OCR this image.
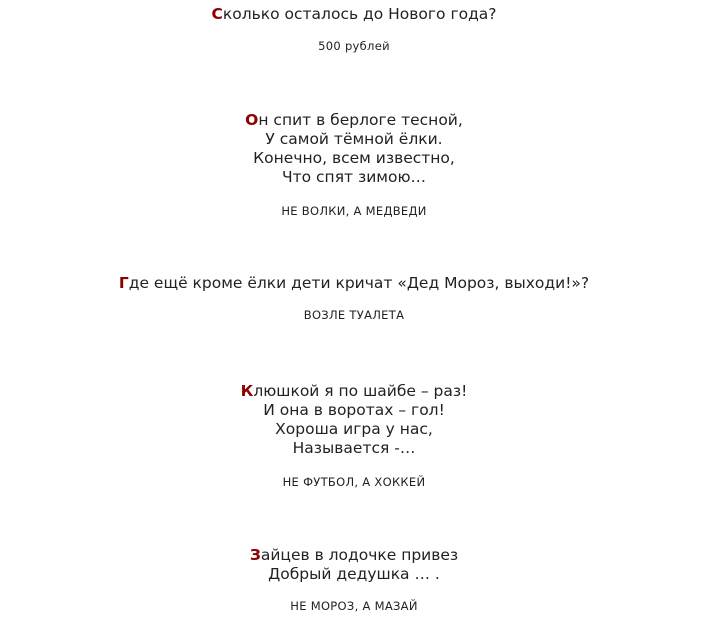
Сколько осталось до Нового года?

500 рублей

Он спит в берлоге тесной,
У самой тёмной ёлки.
Конечно, всем известно,
Что спят зимою…

НЕ ВОЛКИ, А МЕДВЕДИ

Где ещё кроме ёлки дети кричат «Дед Мороз, выходи!»?

ВОЗЛЕ ТУАЛЕТА

Клюшкой я по шайбе – раз!
И она в воротах – гол!
Хороша игра у нас,
Называется -…

НЕ ФУТБОЛ, А ХОККЕЙ

Зайцев в лодочке привез
Добрый дедушка … .

НЕ МОРОЗ, А МАЗАЙ
